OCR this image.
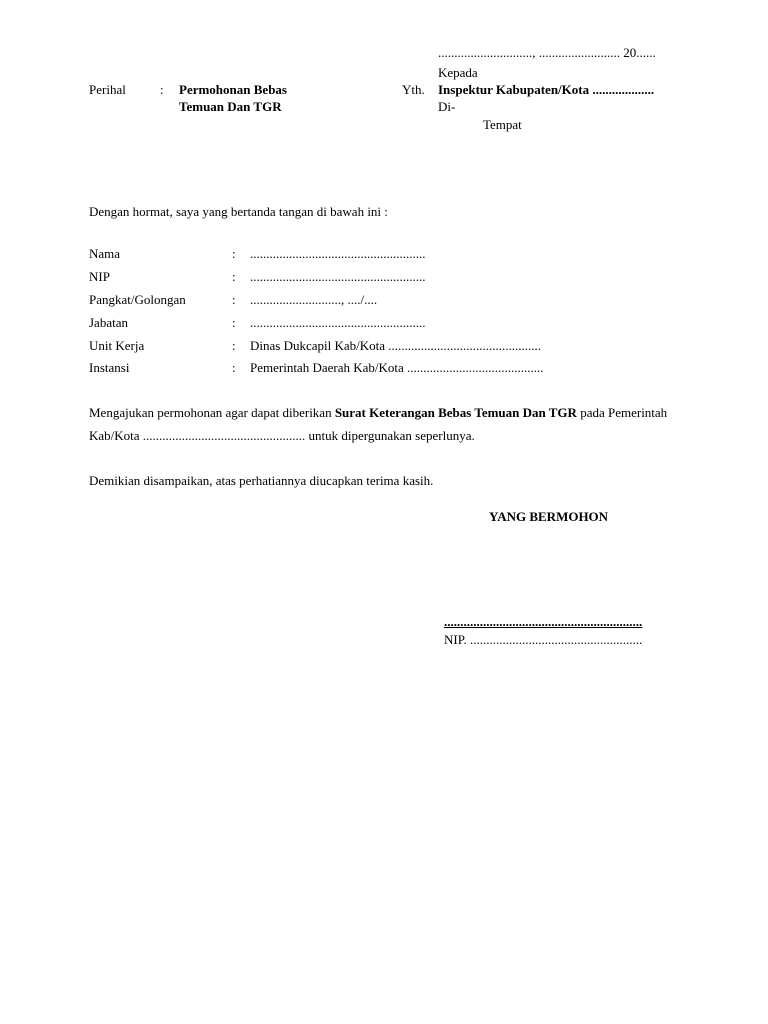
............................., ......................... 20......
Kepada
Yth. Inspektur Kabupaten/Kota ...................
Di-
Tempat
Perihal	: Permohonan Bebas
Temuan Dan TGR
Dengan hormat, saya yang bertanda tangan di bawah ini :
Nama	: ......................................................
NIP	: ......................................................
Pangkat/Golongan	: ............................, ..../....
Jabatan	: ......................................................
Unit Kerja	: Dinas Dukcapil Kab/Kota ...............................................
Instansi	: Pemerintah Daerah Kab/Kota ..........................................
Mengajukan permohonan agar dapat diberikan Surat Keterangan Bebas Temuan Dan TGR pada Pemerintah Kab/Kota .................................................. untuk dipergunakan seperlunya.
Demikian disampaikan, atas perhatiannya diucapkan terima kasih.
YANG BERMOHON
.............................................................
NIP. .....................................................
